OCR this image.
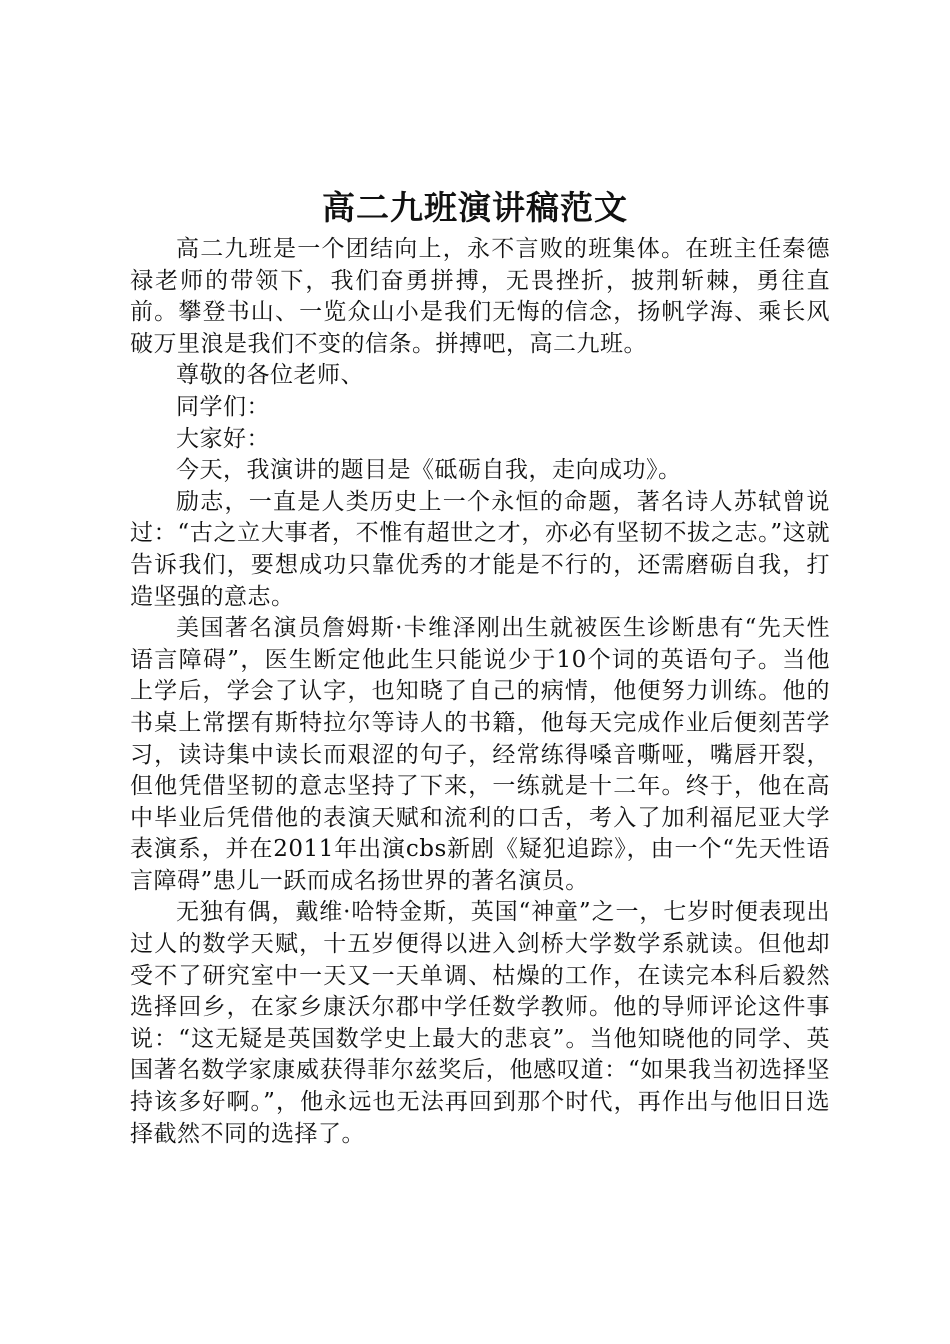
高二九班演讲稿范文

高二九班是一个团结向上，永不言败的班集体。在班主任秦德禄老师的带领下，我们奋勇拼搏，无畏挫折，披荆斩棘，勇往直前。攀登书山、一览众山小是我们无悔的信念，扬帆学海、乘长风破万里浪是我们不变的信条。拼搏吧，高二九班。

尊敬的各位老师、

同学们：

大家好：

今天，我演讲的题目是《砥砺自我，走向成功》。

励志，一直是人类历史上一个永恒的命题，著名诗人苏轼曾说过：“古之立大事者，不惟有超世之才，亦必有坚韧不拔之志。”这就告诉我们，要想成功只靠优秀的才能是不行的，还需磨砺自我，打造坚强的意志。

美国著名演员詹姆斯·卡维泽刚出生就被医生诊断患有“先天性语言障碍”，医生断定他此生只能说少于10个词的英语句子。当他上学后，学会了认字，也知晓了自己的病情，他便努力训练。他的书桌上常摆有斯特拉尔等诗人的书籍，他每天完成作业后便刻苦学习，读诗集中读长而艰涩的句子，经常练得嗓音嘶哑，嘴唇开裂，但他凭借坚韧的意志坚持了下来，一练就是十二年。终于，他在高中毕业后凭借他的表演天赋和流利的口舌，考入了加利福尼亚大学表演系，并在2011年出演cbs新剧《疑犯追踪》，由一个“先天性语言障碍”患儿一跃而成名扬世界的著名演员。

无独有偶，戴维·哈特金斯，英国“神童”之一，七岁时便表现出过人的数学天赋，十五岁便得以进入剑桥大学数学系就读。但他却受不了研究室中一天又一天单调、枯燥的工作，在读完本科后毅然选择回乡，在家乡康沃尔郡中学任数学教师。他的导师评论这件事说：“这无疑是英国数学史上最大的悲哀”。当他知晓他的同学、英国著名数学家康威获得菲尔兹奖后，他感叹道：“如果我当初选择坚持该多好啊。”，他永远也无法再回到那个时代，再作出与他旧日选择截然不同的选择了。
